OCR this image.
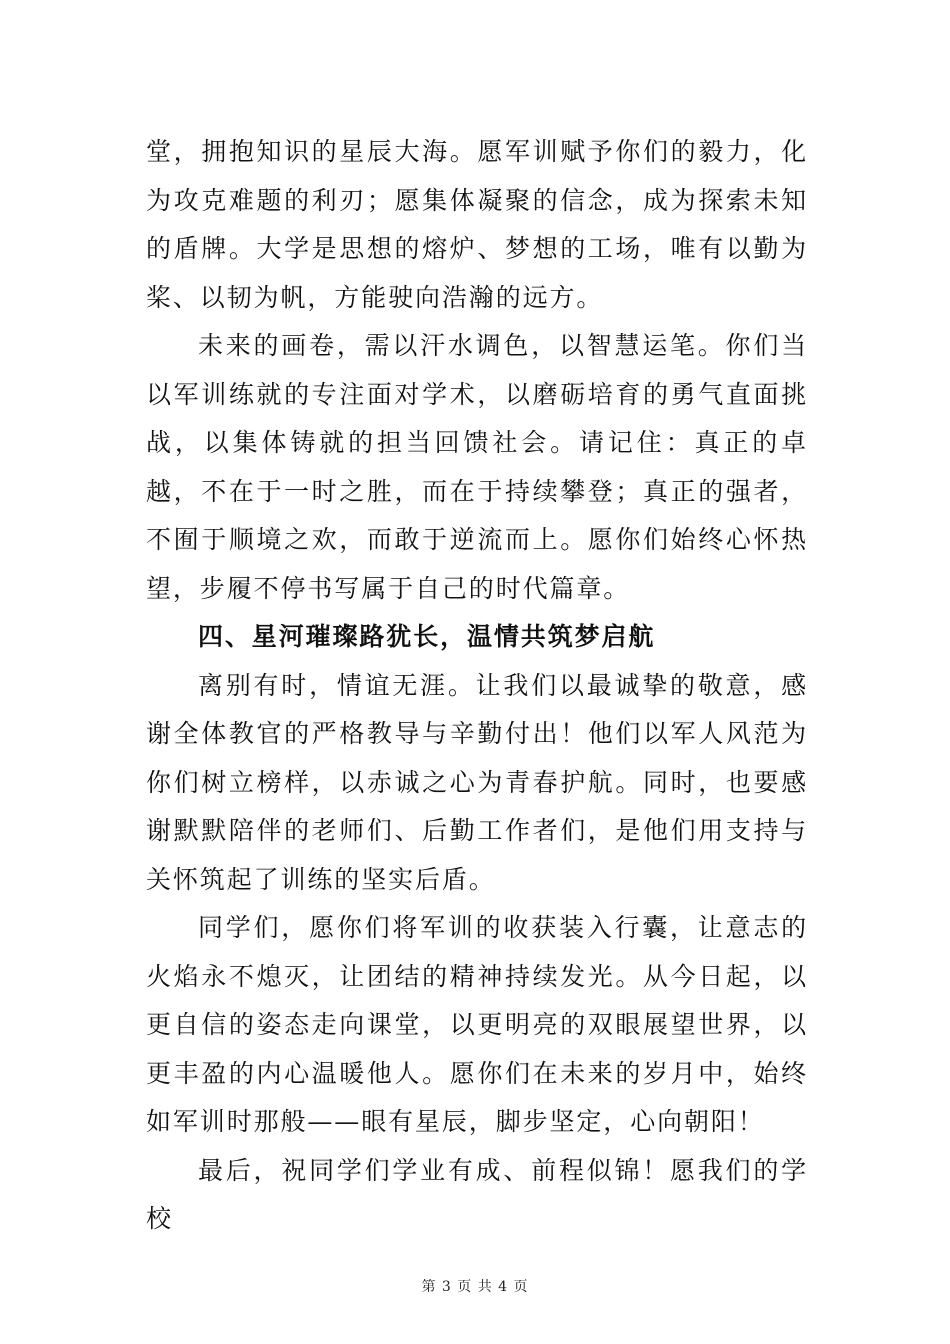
堂，拥抱知识的星辰大海。愿军训赋予你们的毅力，化为攻克难题的利刃；愿集体凝聚的信念，成为探索未知的盾牌。大学是思想的熔炉、梦想的工场，唯有以勤为桨、以韧为帆，方能驶向浩瀚的远方。

未来的画卷，需以汗水调色，以智慧运笔。你们当以军训练就的专注面对学术，以磨砺培育的勇气直面挑战，以集体铸就的担当回馈社会。请记住：真正的卓越，不在于一时之胜，而在于持续攀登；真正的强者，不囿于顺境之欢，而敢于逆流而上。愿你们始终心怀热望，步履不停书写属于自己的时代篇章。

四、星河璀璨路犹长，温情共筑梦启航

离别有时，情谊无涯。让我们以最诚挚的敬意，感谢全体教官的严格教导与辛勤付出！他们以军人风范为你们树立榜样，以赤诚之心为青春护航。同时，也要感谢默默陪伴的老师们、后勤工作者们，是他们用支持与关怀筑起了训练的坚实后盾。

同学们，愿你们将军训的收获装入行囊，让意志的火焰永不熄灭，让团结的精神持续发光。从今日起，以更自信的姿态走向课堂，以更明亮的双眼展望世界，以更丰盈的内心温暖他人。愿你们在未来的岁月中，始终如军训时那般——眼有星辰，脚步坚定，心向朝阳！

最后，祝同学们学业有成、前程似锦！愿我们的学校

第 3 页 共 4 页
